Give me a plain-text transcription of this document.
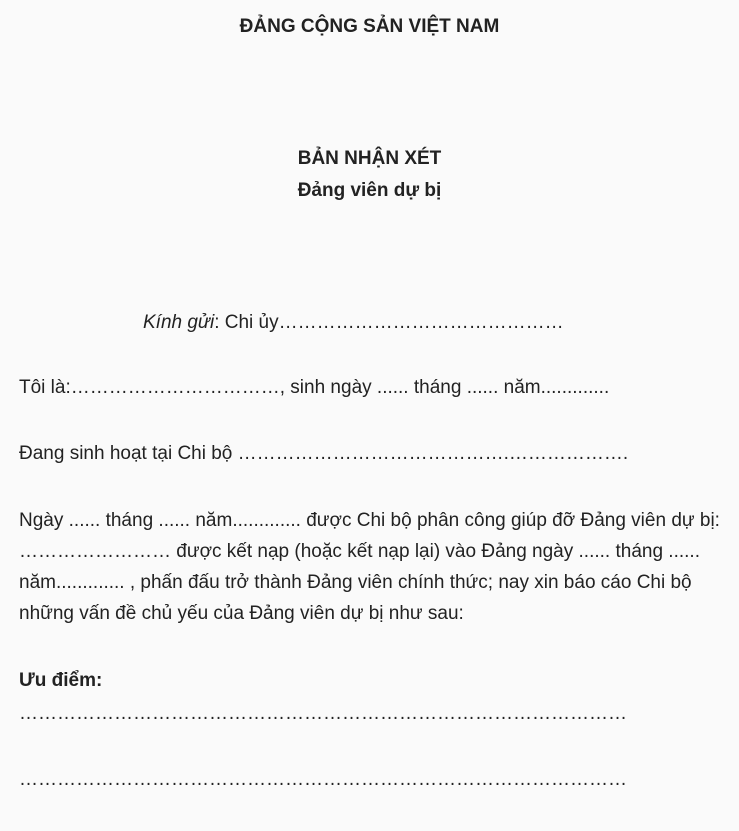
ĐẢNG CỘNG SẢN VIỆT NAM
BẢN NHẬN XÉT
Đảng viên dự bị
Kính gửi: Chi ủy………………………………………
Tôi là:……………………………, sinh ngày ...... tháng ...... năm.............
Đang sinh hoạt tại Chi bộ …………………………………….……………….
Ngày ...... tháng ...... năm............. được Chi bộ phân công giúp đỡ Đảng viên dự bị: …………………… được kết nạp (hoặc kết nạp lại) vào Đảng ngày ...... tháng ...... năm............. , phấn đấu trở thành Đảng viên chính thức; nay xin báo cáo Chi bộ những vấn đề chủ yếu của Đảng viên dự bị như sau:
Ưu điểm:
……………………………………………………………………………………
……………………………………………………………………………………
